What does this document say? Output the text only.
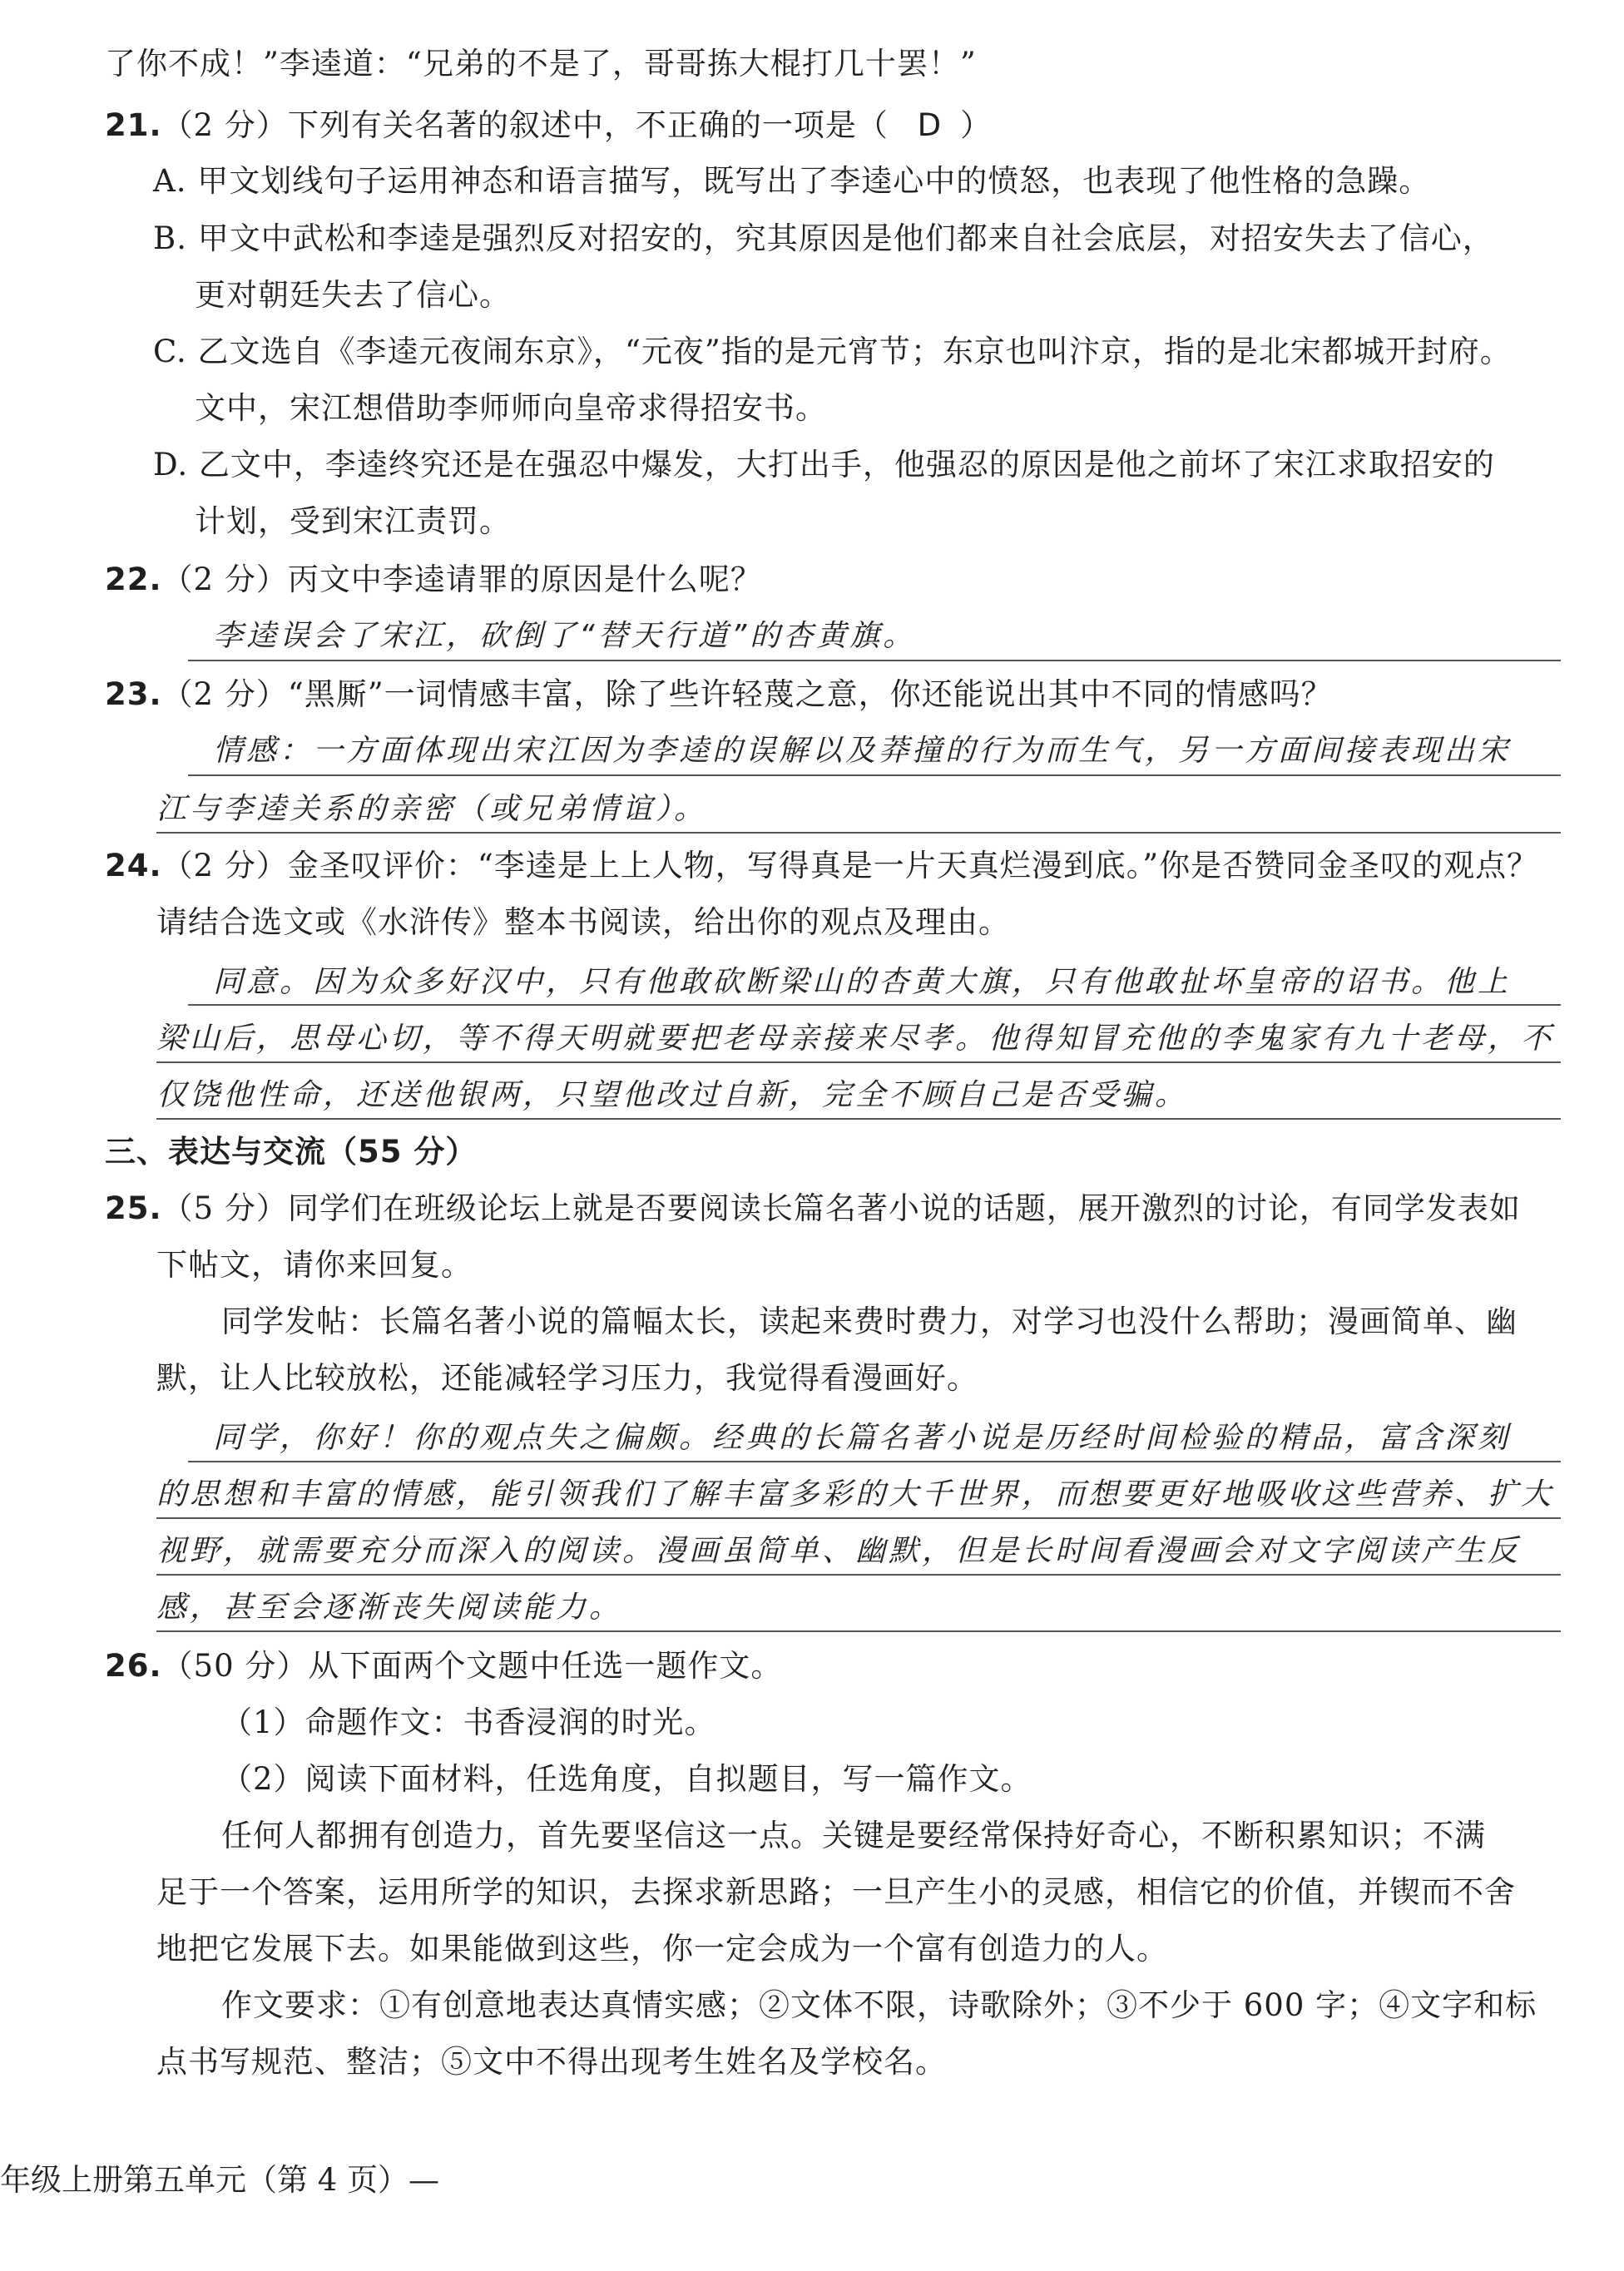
了你不成！”李逵道：“兄弟的不是了，哥哥拣大棍打几十罢！”
21.（2 分）下列有关名著的叙述中，不正确的一项是（ D ）
A. 甲文划线句子运用神态和语言描写，既写出了李逵心中的愤怒，也表现了他性格的急躁。
B. 甲文中武松和李逵是强烈反对招安的，究其原因是他们都来自社会底层，对招安失去了信心，
更对朝廷失去了信心。
C. 乙文选自《李逵元夜闹东京》，“元夜”指的是元宵节；东京也叫汴京，指的是北宋都城开封府。
文中，宋江想借助李师师向皇帝求得招安书。
D. 乙文中，李逵终究还是在强忍中爆发，大打出手，他强忍的原因是他之前坏了宋江求取招安的
计划，受到宋江责罚。
22.（2 分）丙文中李逵请罪的原因是什么呢？
李逵误会了宋江，砍倒了“替天行道”的杏黄旗。
23.（2 分）“黑厮”一词情感丰富，除了些许轻蔑之意，你还能说出其中不同的情感吗？
情感：一方面体现出宋江因为李逵的误解以及莽撞的行为而生气，另一方面间接表现出宋
江与李逵关系的亲密（或兄弟情谊）。
24.（2 分）金圣叹评价：“李逵是上上人物，写得真是一片天真烂漫到底。”你是否赞同金圣叹的观点？
请结合选文或《水浒传》整本书阅读，给出你的观点及理由。
同意。因为众多好汉中，只有他敢砍断梁山的杏黄大旗，只有他敢扯坏皇帝的诏书。他上
梁山后，思母心切，等不得天明就要把老母亲接来尽孝。他得知冒充他的李鬼家有九十老母，不
仅饶他性命，还送他银两，只望他改过自新，完全不顾自己是否受骗。
三、表达与交流（55 分）
25.（5 分）同学们在班级论坛上就是否要阅读长篇名著小说的话题，展开激烈的讨论，有同学发表如
下帖文，请你来回复。
同学发帖：长篇名著小说的篇幅太长，读起来费时费力，对学习也没什么帮助；漫画简单、幽
默，让人比较放松，还能减轻学习压力，我觉得看漫画好。
同学，你好！你的观点失之偏颇。经典的长篇名著小说是历经时间检验的精品，富含深刻
的思想和丰富的情感，能引领我们了解丰富多彩的大千世界，而想要更好地吸收这些营养、扩大
视野，就需要充分而深入的阅读。漫画虽简单、幽默，但是长时间看漫画会对文字阅读产生反
感，甚至会逐渐丧失阅读能力。
26.（50 分）从下面两个文题中任选一题作文。
（1）命题作文：书香浸润的时光。
（2）阅读下面材料，任选角度，自拟题目，写一篇作文。
任何人都拥有创造力，首先要坚信这一点。关键是要经常保持好奇心，不断积累知识；不满
足于一个答案，运用所学的知识，去探求新思路；一旦产生小的灵感，相信它的价值，并锲而不舍
地把它发展下去。如果能做到这些，你一定会成为一个富有创造力的人。
作文要求：①有创意地表达真情实感；②文体不限，诗歌除外；③不少于 600 字；④文字和标
点书写规范、整洁；⑤文中不得出现考生姓名及学校名。
年级上册第五单元（第 4 页）—
